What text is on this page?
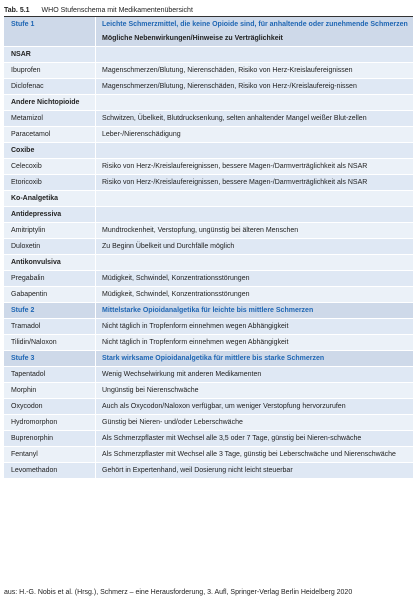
Tab. 5.1 WHO Stufenschema mit Medikamentenübersicht
Stufe 1	Leichte Schmerzmittel, die keine Opioide sind, für anhaltende oder zunehmende Schmerzen
Mögliche Nebenwirkungen/Hinweise zu Verträglichkeit
NSAR
Ibuprofen	Magenschmerzen/Blutung, Nierenschäden, Risiko von Herz-Kreislaufereignissen
Diclofenac	Magenschmerzen/Blutung, Nierenschäden, Risiko von Herz-/Kreislaufereig-nissen
Andere Nichtopioide
Metamizol	Schwitzen, Übelkeit, Blutdrucksenkung, selten anhaltender Mangel weißer Blut-zellen
Paracetamol	Leber-/Nierenschädigung
Coxibe
Celecoxib	Risiko von Herz-/Kreislaufereignissen, bessere Magen-/Darmverträglichkeit als NSAR
Etoricoxib	Risiko von Herz-/Kreislaufereignissen, bessere Magen-/Darmverträglichkeit als NSAR
Ko-Analgetika
Antidepressiva
Amitriptylin	Mundtrockenheit, Verstopfung, ungünstig bei älteren Menschen
Duloxetin	Zu Beginn Übelkeit und Durchfälle möglich
Antikonvulsiva
Pregabalin	Müdigkeit, Schwindel, Konzentrationsstörungen
Gabapentin	Müdigkeit, Schwindel, Konzentrationsstörungen
Stufe 2	Mittelstarke Opioidanalgetika für leichte bis mittlere Schmerzen
Tramadol	Nicht täglich in Tropfenform einnehmen wegen Abhängigkeit
Tilidin/Naloxon	Nicht täglich in Tropfenform einnehmen wegen Abhängigkeit
Stufe 3	Stark wirksame Opioidanalgetika für mittlere bis starke Schmerzen
Tapentadol	Wenig Wechselwirkung mit anderen Medikamenten
Morphin	Ungünstig bei Nierenschwäche
Oxycodon	Auch als Oxycodon/Naloxon verfügbar, um weniger Verstopfung hervorzurufen
Hydromorphon	Günstig bei Nieren- und/oder Leberschwäche
Buprenorphin	Als Schmerzpflaster mit Wechsel alle 3,5 oder 7 Tage, günstig bei Nieren-schwäche
Fentanyl	Als Schmerzpflaster mit Wechsel alle 3 Tage, günstig bei Leberschwäche und Nierenschwäche
Levomethadon	Gehört in Expertenhand, weil Dosierung nicht leicht steuerbar
aus: H.-G. Nobis et al. (Hrsg.), Schmerz – eine Herausforderung, 3. Aufl, Springer-Verlag Berlin Heidelberg 2020
